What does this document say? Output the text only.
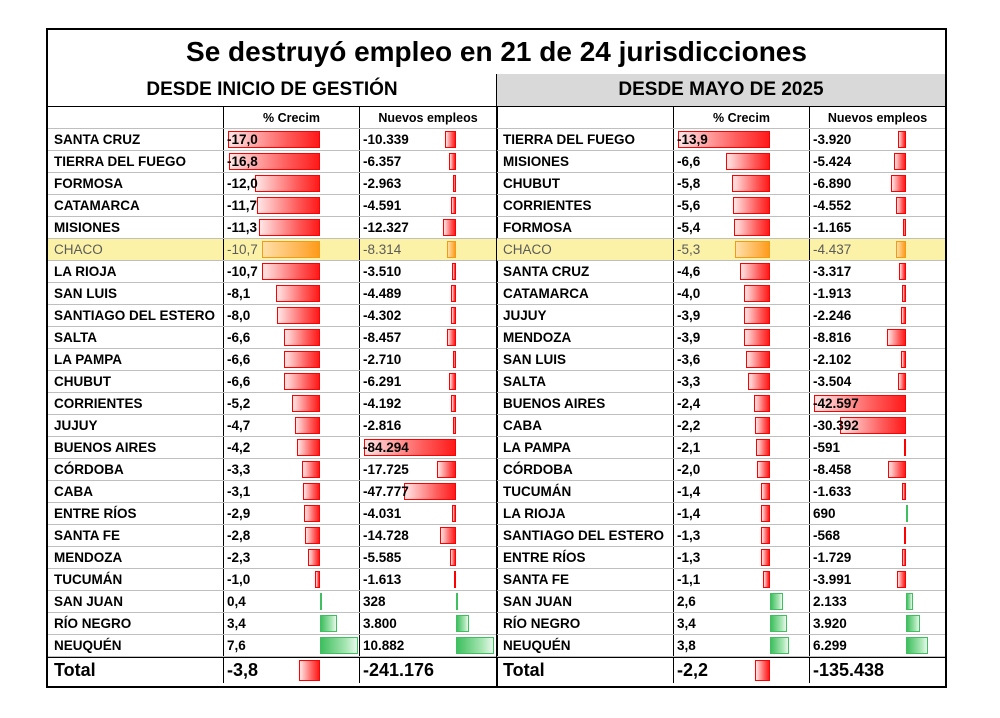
Se destruyó empleo en 21 de 24 jurisdicciones
DESDE INICIO DE GESTIÓN
% Crecim	Nuevos empleos
SANTA CRUZ	-17,0	-10.339
TIERRA DEL FUEGO	-16,8	-6.357
FORMOSA	-12,0	-2.963
CATAMARCA	-11,7	-4.591
MISIONES	-11,3	-12.327
CHACO	-10,7	-8.314
LA RIOJA	-10,7	-3.510
SAN LUIS	-8,1	-4.489
SANTIAGO DEL ESTERO -8,0	-4.302
SALTA	-6,6	-8.457
LA PAMPA	-6,6	-2.710
CHUBUT	-6,6	-6.291
CORRIENTES	-5,2	-4.192
JUJUY	-4,7	-2.816
BUENOS AIRES	-4,2	-84.294
CÓRDOBA	-3,3	-17.725
CABA	-3,1	-47.777
ENTRE RÍOS	-2,9	-4.031
SANTA FE	-2,8	-14.728
MENDOZA	-2,3	-5.585
TUCUMÁN	-1,0	-1.613
SAN JUAN	0,4	328
RÍO NEGRO	3,4	3.800
NEUQUÉN	7,6	10.882
Total	-3,8	-241.176
DESDE MAYO DE 2025
% Crecim	Nuevos empleos
TIERRA DEL FUEGO	-13,9	-3.920
MISIONES	-6,6	-5.424
CHUBUT	-5,8	-6.890
CORRIENTES	-5,6	-4.552
FORMOSA	-5,4	-1.165
CHACO	-5,3	-4.437
SANTA CRUZ	-4,6	-3.317
CATAMARCA	-4,0	-1.913
JUJUY	-3,9	-2.246
MENDOZA	-3,9	-8.816
SAN LUIS	-3,6	-2.102
SALTA	-3,3	-3.504
BUENOS AIRES	-2,4	-42.597
CABA	-2,2	-30.392
LA PAMPA	-2,1	-591
CÓRDOBA	-2,0	-8.458
TUCUMÁN	-1,4	-1.633
LA RIOJA	-1,4	690
SANTIAGO DEL ESTERO -1,3	-568
ENTRE RÍOS	-1,3	-1.729
SANTA FE	-1,1	-3.991
SAN JUAN	2,6	2.133
RÍO NEGRO	3,4	3.920
NEUQUÉN	3,8	6.299
Total	-2,2	-135.438
